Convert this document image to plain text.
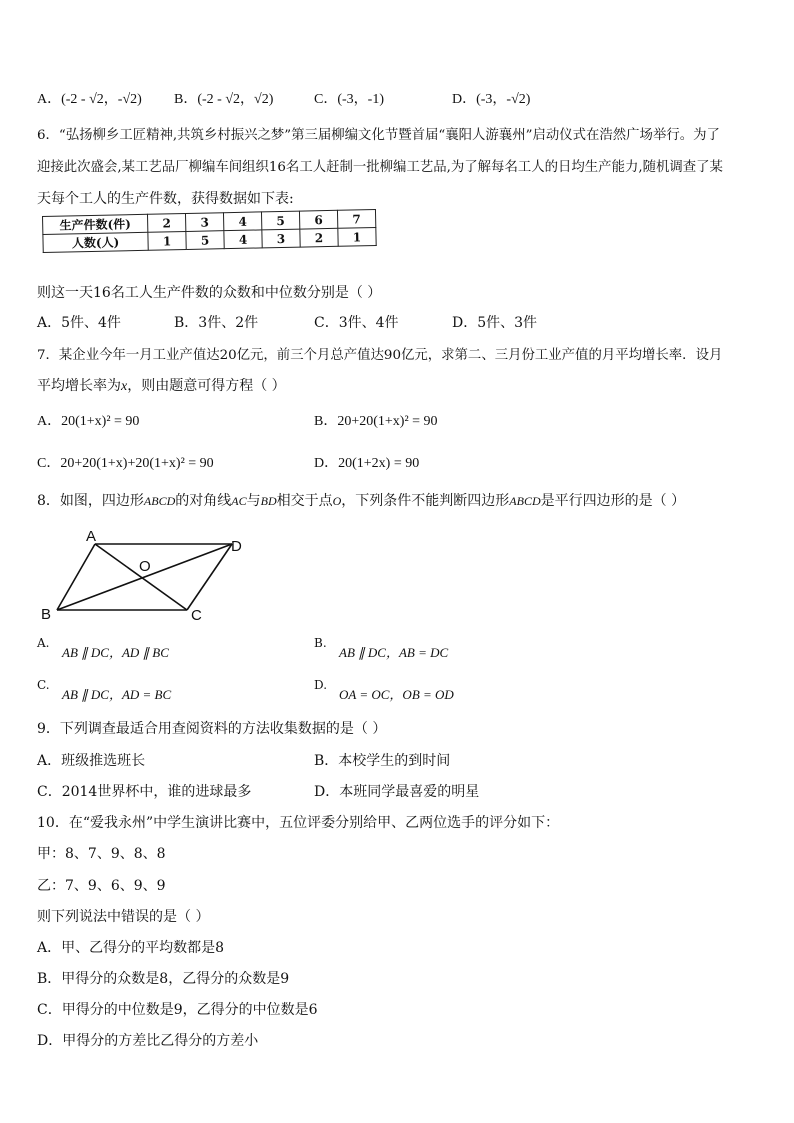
A．(-2 - √2，-√2) B．(-2 - √2，√2)	C．(-3，-1)	D．(-3，-√2)
6．“弘扬柳乡工匠精神,共筑乡村振兴之梦”第三届柳编文化节暨首届“襄阳人游襄州”启动仪式在浩然广场举行。为了
迎接此次盛会,某工艺品厂柳编车间组织16名工人赶制一批柳编工艺品,为了解每名工人的日均生产能力,随机调查了某
天每个工人的生产件数，获得数据如下表:
生产件数(件)	2	3	4	5	6	7
人数(人)	1	5	4	3	2	1
则这一天16名工人生产件数的众数和中位数分别是（ ）
A．5件、4件	B．3件、2件	C．3件、4件	D．5件、3件
7．某企业今年一月工业产值达20亿元，前三个月总产值达90亿元，求第二、三月份工业产值的月平均增长率．设月
平均增长率为x，则由题意可得方程（ ）
A．20(1+x)² = 90	B．20+20(1+x)² = 90
C．20+20(1+x)+20(1+x)² = 90	D．20(1+2x) = 90
8．如图，四边形ABCD的对角线AC与BD相交于点O，下列条件不能判断四边形ABCD是平行四边形的是（ ）
A
D
O
B	C
A.
AB ∥ DC，AD ∥ BC
B.
AB ∥ DC，AB = DC
C.
AB ∥ DC，AD = BC
D.
OA = OC，OB = OD
9．下列调查最适合用查阅资料的方法收集数据的是（ ）
A．班级推选班长	B．本校学生的到时间
C．2014世界杯中，谁的进球最多	D．本班同学最喜爱的明星
10．在“爱我永州”中学生演讲比赛中，五位评委分别给甲、乙两位选手的评分如下：
甲：8、7、9、8、8
乙：7、9、6、9、9
则下列说法中错误的是（ ）
A．甲、乙得分的平均数都是8
B．甲得分的众数是8，乙得分的众数是9
C．甲得分的中位数是9，乙得分的中位数是6
D．甲得分的方差比乙得分的方差小
